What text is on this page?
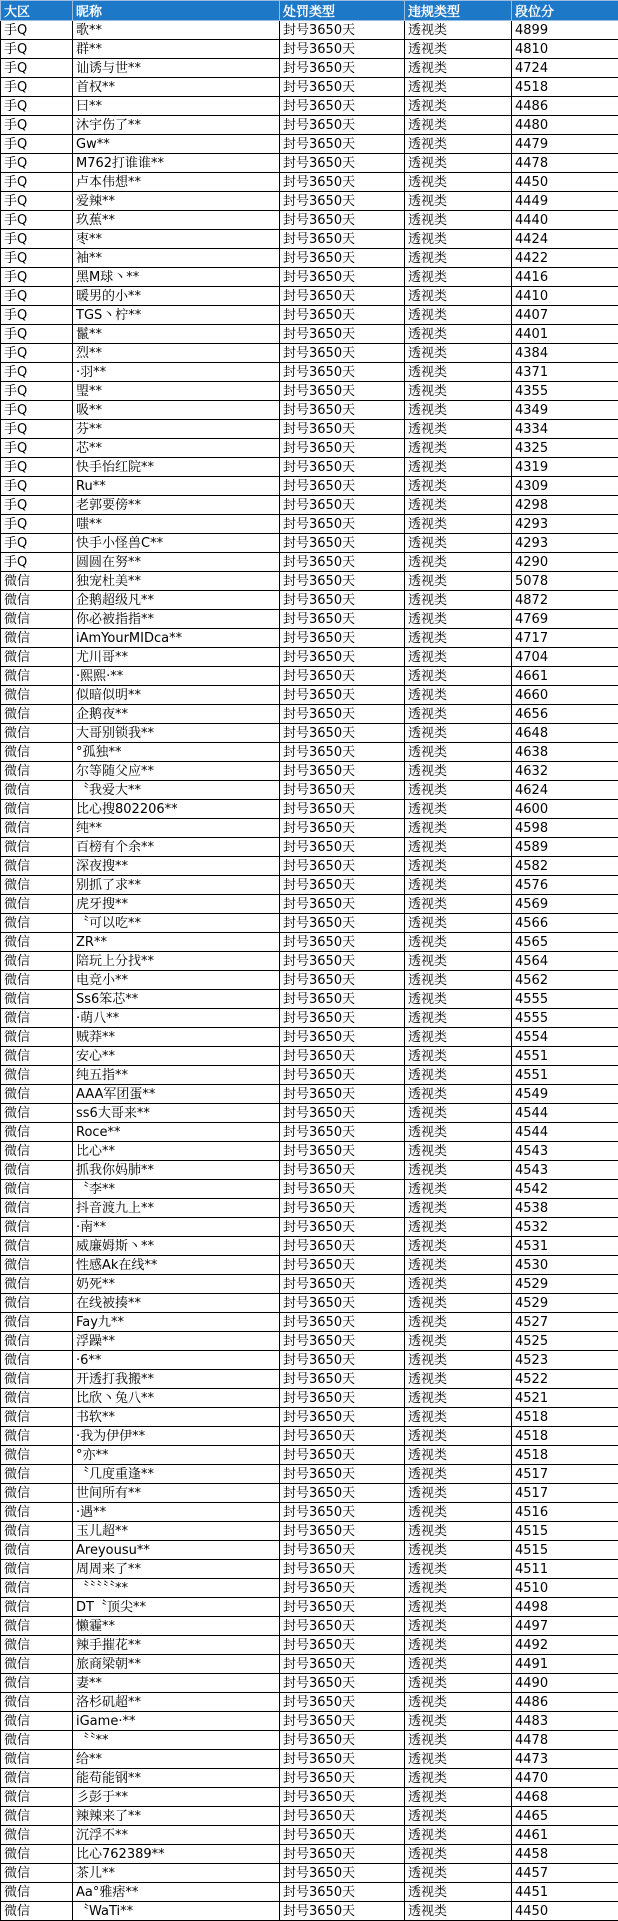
大区	昵称	处罚类型	违规类型	段位分
手Q	歌**	封号3650天	透视类	4899
手Q	群**	封号3650天	透视类	4810
手Q	讪诱与世**	封号3650天	透视类	4724
手Q	首权**	封号3650天	透视类	4518
手Q	曰**	封号3650天	透视类	4486
手Q	沐宇伤了**	封号3650天	透视类	4480
手Q	Gw**	封号3650天	透视类	4479
手Q	M762打谁谁**	封号3650天	透视类	4478
手Q	卢本伟想**	封号3650天	透视类	4450
手Q	爱辣**	封号3650天	透视类	4449
手Q	玖蕉**	封号3650天	透视类	4440
手Q	枣**	封号3650天	透视类	4424
手Q	袖**	封号3650天	透视类	4422
手Q	黑M球丶**	封号3650天	透视类	4416
手Q	暖男的小**	封号3650天	透视类	4410
手Q	TGS丶柠**	封号3650天	透视类	4407
手Q	鬣**	封号3650天	透视类	4401
手Q	烈**	封号3650天	透视类	4384
手Q	·羽**	封号3650天	透视类	4371
手Q	琞**	封号3650天	透视类	4355
手Q	吸**	封号3650天	透视类	4349
手Q	芬**	封号3650天	透视类	4334
手Q	芯**	封号3650天	透视类	4325
手Q	快手怡红院**	封号3650天	透视类	4319
手Q	Ru**	封号3650天	透视类	4309
手Q	老郭要傍**	封号3650天	透视类	4298
手Q	嗤**	封号3650天	透视类	4293
手Q	快手小怪兽C**	封号3650天	透视类	4293
手Q	圆圆在努**	封号3650天	透视类	4290
微信	独宠杜美**	封号3650天	透视类	5078
微信	企鹅超级凡**	封号3650天	透视类	4872
微信	你必被指指**	封号3650天	透视类	4769
微信	iAmYourMIDca**	封号3650天	透视类	4717
微信	尤川哥**	封号3650天	透视类	4704
微信	·熙熙·**	封号3650天	透视类	4661
微信	似暗似明**	封号3650天	透视类	4660
微信	企鹅夜**	封号3650天	透视类	4656
微信	大哥别锁我**	封号3650天	透视类	4648
微信	°孤独**	封号3650天	透视类	4638
微信	尔等随父应**	封号3650天	透视类	4632
微信	〝我爱大**	封号3650天	透视类	4624
微信	比心搜802206**	封号3650天	透视类	4600
微信	纯**	封号3650天	透视类	4598
微信	百榜有个余**	封号3650天	透视类	4589
微信	深夜搜**	封号3650天	透视类	4582
微信	别抓了求**	封号3650天	透视类	4576
微信	虎牙搜**	封号3650天	透视类	4569
微信	〝可以吃**	封号3650天	透视类	4566
微信	ZR**	封号3650天	透视类	4565
微信	陪玩上分找**	封号3650天	透视类	4564
微信	电竞小**	封号3650天	透视类	4562
微信	Ss6笨芯**	封号3650天	透视类	4555
微信	·萌八**	封号3650天	透视类	4555
微信	贼莽**	封号3650天	透视类	4554
微信	安心**	封号3650天	透视类	4551
微信	纯五指**	封号3650天	透视类	4551
微信	AAA军团蛋**	封号3650天	透视类	4549
微信	ss6大哥来**	封号3650天	透视类	4544
微信	Roce**	封号3650天	透视类	4544
微信	比心**	封号3650天	透视类	4543
微信	抓我你妈肺**	封号3650天	透视类	4543
微信	〝李**	封号3650天	透视类	4542
微信	抖音渡九上**	封号3650天	透视类	4538
微信	·南**	封号3650天	透视类	4532
微信	威廉姆斯丶**	封号3650天	透视类	4531
微信	性感Ak在线**	封号3650天	透视类	4530
微信	奶死**	封号3650天	透视类	4529
微信	在线被揍**	封号3650天	透视类	4529
微信	Fay九**	封号3650天	透视类	4527
微信	浮躁**	封号3650天	透视类	4525
微信	·6**	封号3650天	透视类	4523
微信	开透打我搬**	封号3650天	透视类	4522
微信	比欣丶兔八**	封号3650天	透视类	4521
微信	书软**	封号3650天	透视类	4518
微信	·我为伊伊**	封号3650天	透视类	4518
微信	°亦**	封号3650天	透视类	4518
微信	〝几度重逢**	封号3650天	透视类	4517
微信	世间所有**	封号3650天	透视类	4517
微信	·遇**	封号3650天	透视类	4516
微信	玉儿超**	封号3650天	透视类	4515
微信	Areyousu**	封号3650天	透视类	4515
微信	周周来了**	封号3650天	透视类	4511
微信	〝〝〝〝〝**	封号3650天	透视类	4510
微信	DT〝顶尖**	封号3650天	透视类	4498
微信	懒霾**	封号3650天	透视类	4497
微信	辣手摧花**	封号3650天	透视类	4492
微信	旅商梁朝**	封号3650天	透视类	4491
微信	妻**	封号3650天	透视类	4490
微信	洛杉矶超**	封号3650天	透视类	4486
微信	iGame·**	封号3650天	透视类	4483
微信	〝〝**	封号3650天	透视类	4478
微信	给**	封号3650天	透视类	4473
微信	能苟能钢**	封号3650天	透视类	4470
微信	彡彭于**	封号3650天	透视类	4468
微信	辣辣来了**	封号3650天	透视类	4465
微信	沉浮不**	封号3650天	透视类	4461
微信	比心762389**	封号3650天	透视类	4458
微信	茶儿**	封号3650天	透视类	4457
微信	Aa°雅痞**	封号3650天	透视类	4451
微信	〝WaTi**	封号3650天	透视类	4450
